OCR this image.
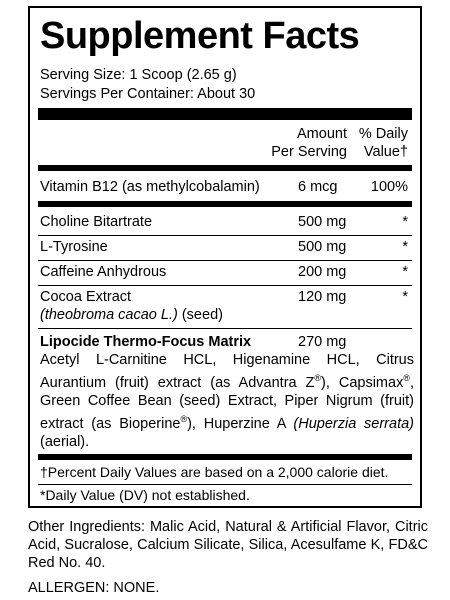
Supplement Facts
Serving Size: 1 Scoop (2.65 g)
Servings Per Container: About 30
Amount
Per Serving
% Daily
Value†
Vitamin B12 (as methylcobalamin)	6 mcg 100%
Choline Bitartrate	500 mg	*
L-Tyrosine	500 mg	*
Caffeine Anhydrous	200 mg	*
Cocoa Extract	120 mg	*
(theobroma cacao L.) (seed)
Lipocide Thermo-Focus Matrix	270 mg
Acetyl L-Carnitine HCL, Higenamine HCL, Citrus Aurantium (fruit) extract (as Advantra Z®), Capsimax®, Green Coffee Bean (seed) Extract, Piper Nigrum (fruit) extract (as Bioperine®), Huperzine A (Huperzia serrata) (aerial).
†Percent Daily Values are based on a 2,000 calorie diet.
*Daily Value (DV) not established.
Other Ingredients: Malic Acid, Natural & Artificial Flavor, Citric Acid, Sucralose, Calcium Silicate, Silica, Acesulfame K, FD&C Red No. 40.
ALLERGEN: NONE.
